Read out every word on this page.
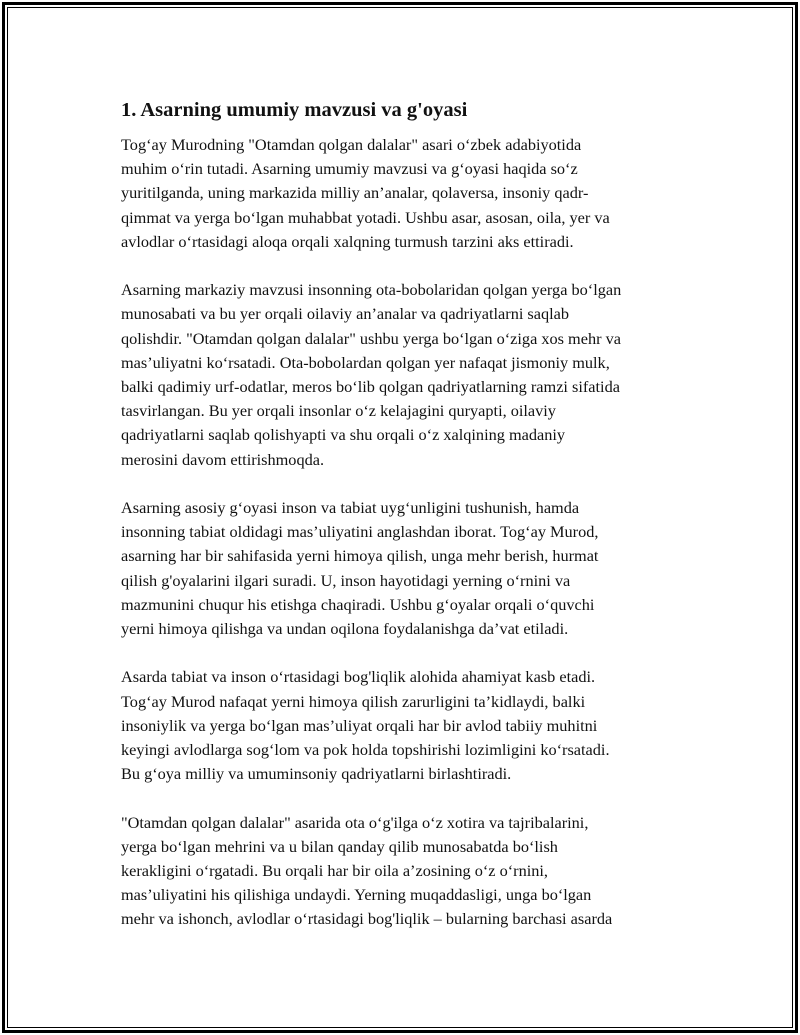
1. Asarning umumiy mavzusi va g'oyasi

Tog‘ay Murodning "Otamdan qolgan dalalar" asari o‘zbek adabiyotida
muhim o‘rin tutadi. Asarning umumiy mavzusi va g‘oyasi haqida so‘z
yuritilganda, uning markazida milliy an’analar, qolaversa, insoniy qadr-
qimmat va yerga bo‘lgan muhabbat yotadi. Ushbu asar, asosan, oila, yer va
avlodlar o‘rtasidagi aloqa orqali xalqning turmush tarzini aks ettiradi.

Asarning markaziy mavzusi insonning ota-bobolaridan qolgan yerga bo‘lgan
munosabati va bu yer orqali oilaviy an’analar va qadriyatlarni saqlab
qolishdir. "Otamdan qolgan dalalar" ushbu yerga bo‘lgan o‘ziga xos mehr va
mas’uliyatni ko‘rsatadi. Ota-bobolardan qolgan yer nafaqat jismoniy mulk,
balki qadimiy urf-odatlar, meros bo‘lib qolgan qadriyatlarning ramzi sifatida
tasvirlangan. Bu yer orqali insonlar o‘z kelajagini quryapti, oilaviy
qadriyatlarni saqlab qolishyapti va shu orqali o‘z xalqining madaniy
merosini davom ettirishmoqda.

Asarning asosiy g‘oyasi inson va tabiat uyg‘unligini tushunish, hamda
insonning tabiat oldidagi mas’uliyatini anglashdan iborat. Tog‘ay Murod,
asarning har bir sahifasida yerni himoya qilish, unga mehr berish, hurmat
qilish g'oyalarini ilgari suradi. U, inson hayotidagi yerning o‘rnini va
mazmunini chuqur his etishga chaqiradi. Ushbu g‘oyalar orqali o‘quvchi
yerni himoya qilishga va undan oqilona foydalanishga da’vat etiladi.

Asarda tabiat va inson o‘rtasidagi bog'liqlik alohida ahamiyat kasb etadi.
Tog‘ay Murod nafaqat yerni himoya qilish zarurligini ta’kidlaydi, balki
insoniylik va yerga bo‘lgan mas’uliyat orqali har bir avlod tabiiy muhitni
keyingi avlodlarga sog‘lom va pok holda topshirishi lozimligini ko‘rsatadi.
Bu g‘oya milliy va umuminsoniy qadriyatlarni birlashtiradi.

"Otamdan qolgan dalalar" asarida ota o‘g'ilga o‘z xotira va tajribalarini,
yerga bo‘lgan mehrini va u bilan qanday qilib munosabatda bo‘lish
kerakligini o‘rgatadi. Bu orqali har bir oila a’zosining o‘z o‘rnini,
mas’uliyatini his qilishiga undaydi. Yerning muqaddasligi, unga bo‘lgan
mehr va ishonch, avlodlar o‘rtasidagi bog'liqlik – bularning barchasi asarda
